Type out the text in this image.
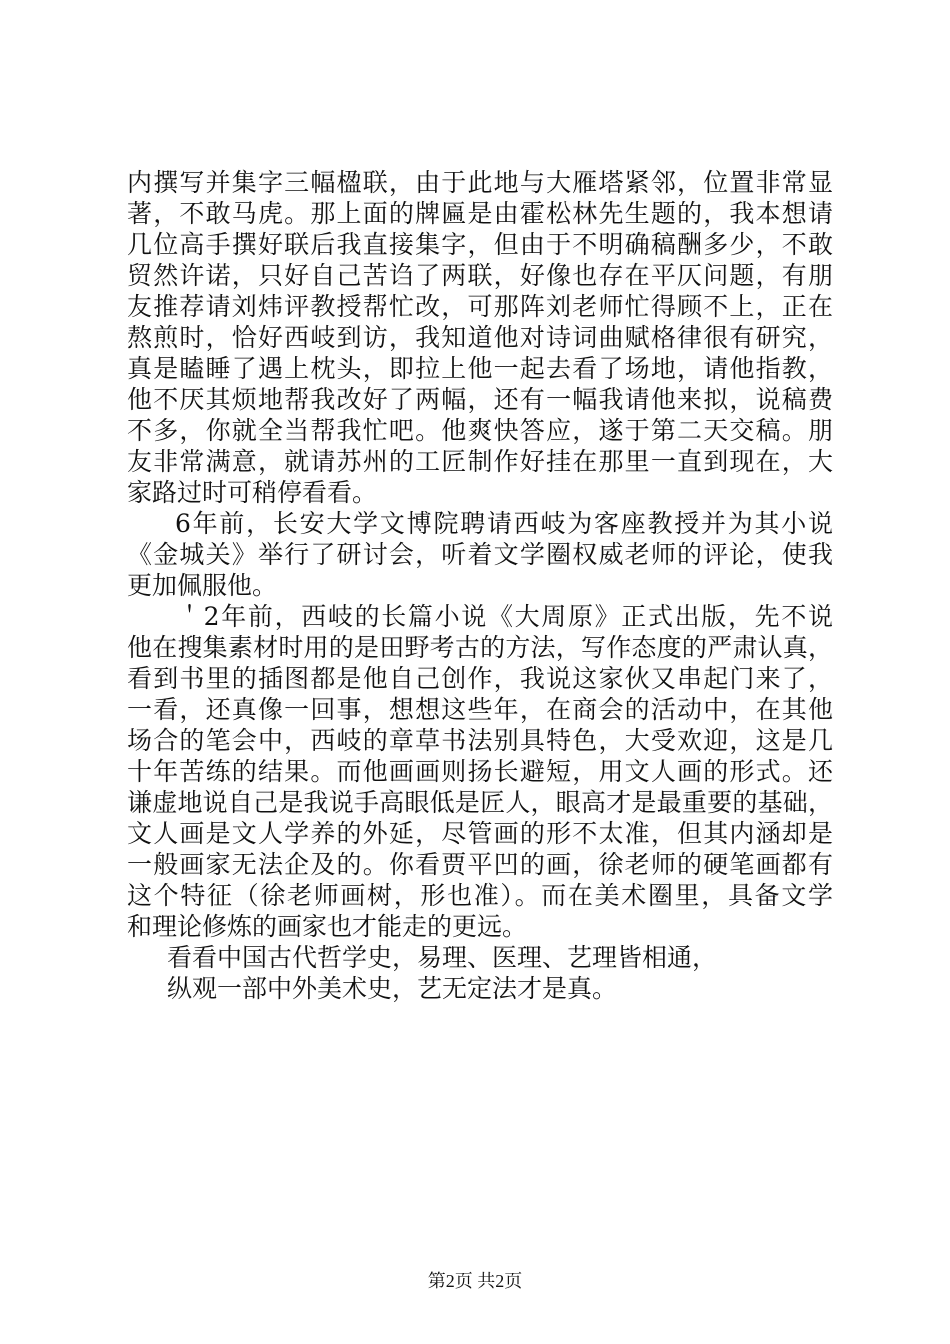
内撰写并集字三幅楹联，由于此地与大雁塔紧邻，位置非常显
著，不敢马虎。那上面的牌匾是由霍松林先生题的，我本想请
几位高手撰好联后我直接集字，但由于不明确稿酬多少，不敢
贸然许诺，只好自己苦诌了两联，好像也存在平仄问题，有朋
友推荐请刘炜评教授帮忙改，可那阵刘老师忙得顾不上，正在
熬煎时，恰好西岐到访，我知道他对诗词曲赋格律很有研究，
真是瞌睡了遇上枕头，即拉上他一起去看了场地，请他指教，
他不厌其烦地帮我改好了两幅，还有一幅我请他来拟，说稿费
不多，你就全当帮我忙吧。他爽快答应，遂于第二天交稿。朋
友非常满意，就请苏州的工匠制作好挂在那里一直到现在，大
家路过时可稍停看看。
6年前，长安大学文博院聘请西岐为客座教授并为其小说
《金城关》举行了研讨会，听着文学圈权威老师的评论，使我
更加佩服他。
＇2年前，西岐的长篇小说《大周原》正式出版，先不说
他在搜集素材时用的是田野考古的方法，写作态度的严肃认真，
看到书里的插图都是他自己创作，我说这家伙又串起门来了，
一看，还真像一回事，想想这些年，在商会的活动中，在其他
场合的笔会中，西岐的章草书法别具特色，大受欢迎，这是几
十年苦练的结果。而他画画则扬长避短，用文人画的形式。还
谦虚地说自己是我说手高眼低是匠人，眼高才是最重要的基础，
文人画是文人学养的外延，尽管画的形不太准，但其内涵却是
一般画家无法企及的。你看贾平凹的画，徐老师的硬笔画都有
这个特征（徐老师画树，形也准）。而在美术圈里，具备文学
和理论修炼的画家也才能走的更远。
看看中国古代哲学史，易理、医理、艺理皆相通，
纵观一部中外美术史，艺无定法才是真。
第2页 共2页
